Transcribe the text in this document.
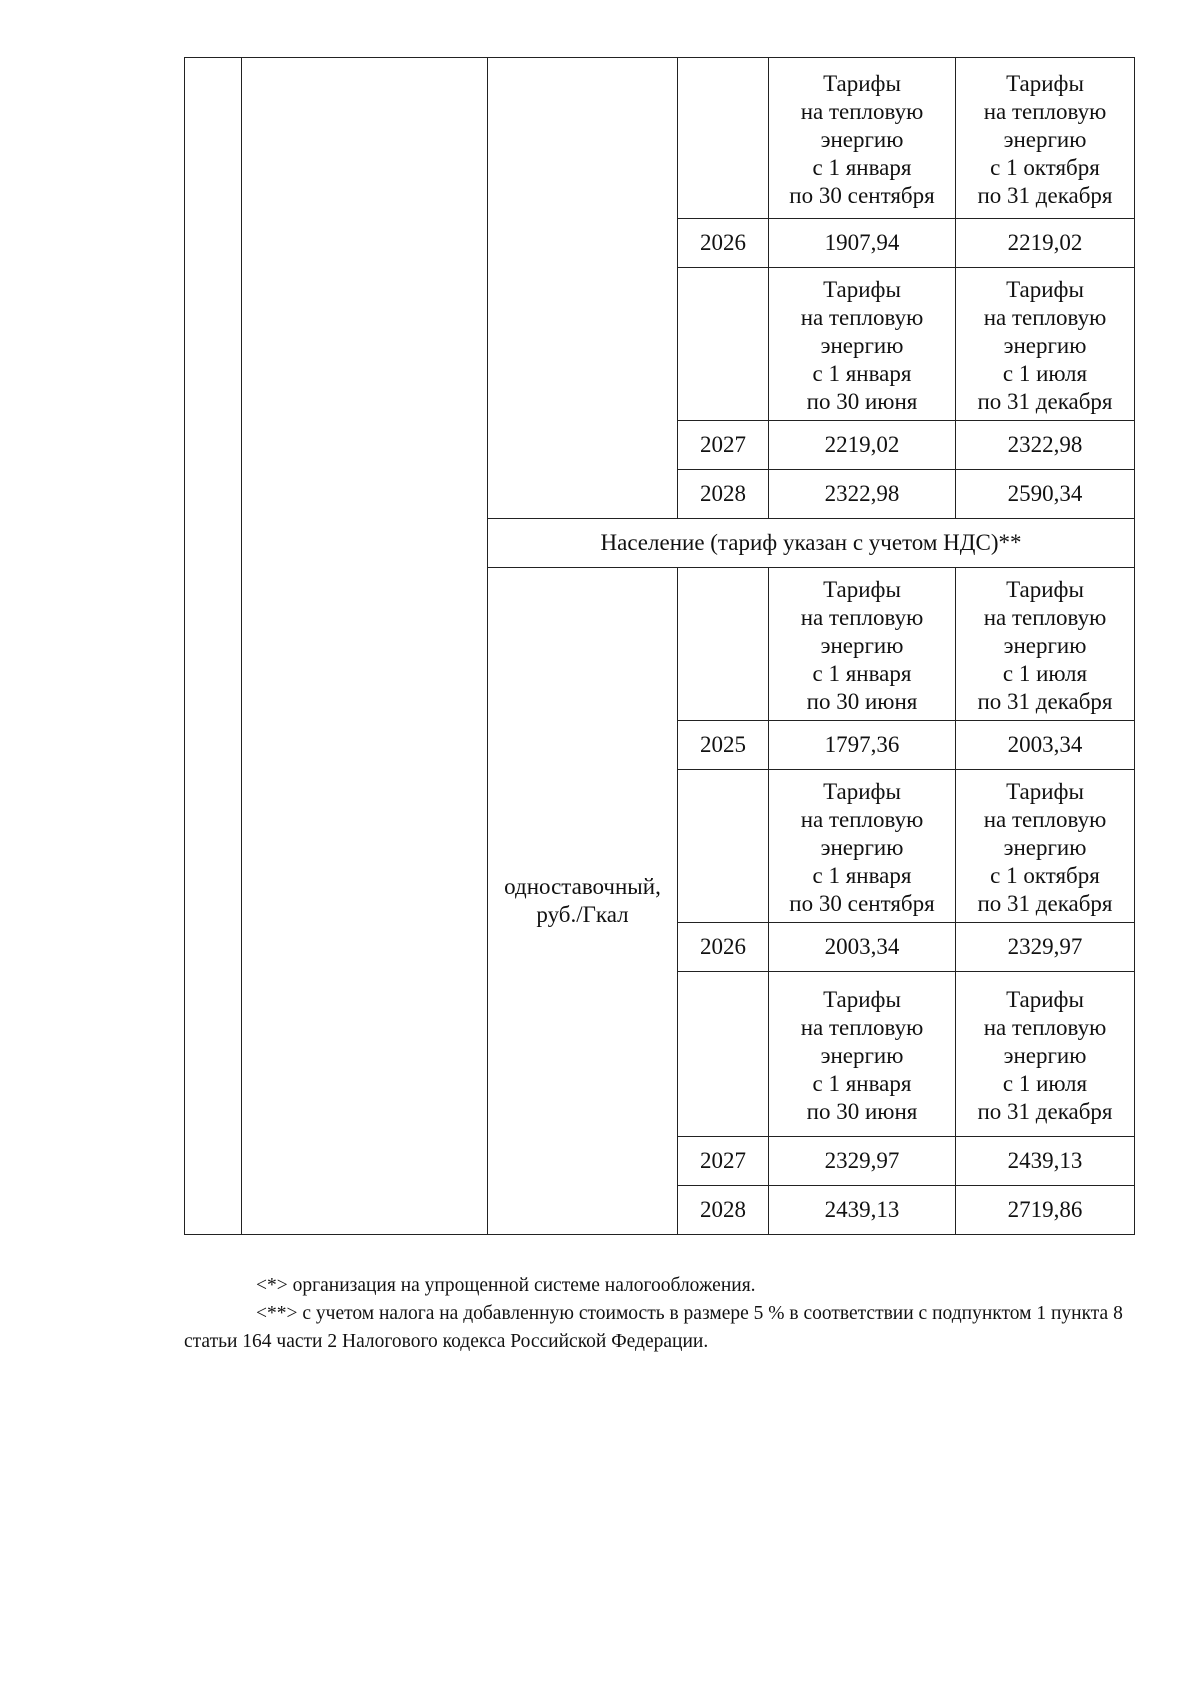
				Тарифы
на тепловую
энергию
с 1 января
по 30 сентября	Тарифы
на тепловую
энергию
с 1 октября
по 31 декабря

			2026	1907,94	2219,02

				Тарифы
на тепловую
энергию
с 1 января
по 30 июня	Тарифы
на тепловую
энергию
с 1 июля
по 31 декабря

			2027	2219,02	2322,98
			2028	2322,98	2590,34
		Население (тариф указан с учетом НДС)**			

		одноставочный,
руб./Гкал		Тарифы
на тепловую
энергию
с 1 января
по 30 июня	Тарифы
на тепловую
энергию
с 1 июля
по 31 декабря

			2025	1797,36	2003,34

				Тарифы
на тепловую
энергию
с 1 января
по 30 сентября	Тарифы
на тепловую
энергию
с 1 октября
по 31 декабря

			2026	2003,34	2329,97

				Тарифы
на тепловую
энергию
с 1 января
по 30 июня	Тарифы
на тепловую
энергию
с 1 июля
по 31 декабря

			2027	2329,97	2439,13
			2028	2439,13	2719,86

<*> организация на упрощенной системе налогообложения.

<**> с учетом налога на добавленную стоимость в размере 5 % в соответствии с подпунктом 1 пункта 8 статьи 164 части 2 Налогового кодекса Российской Федерации.
